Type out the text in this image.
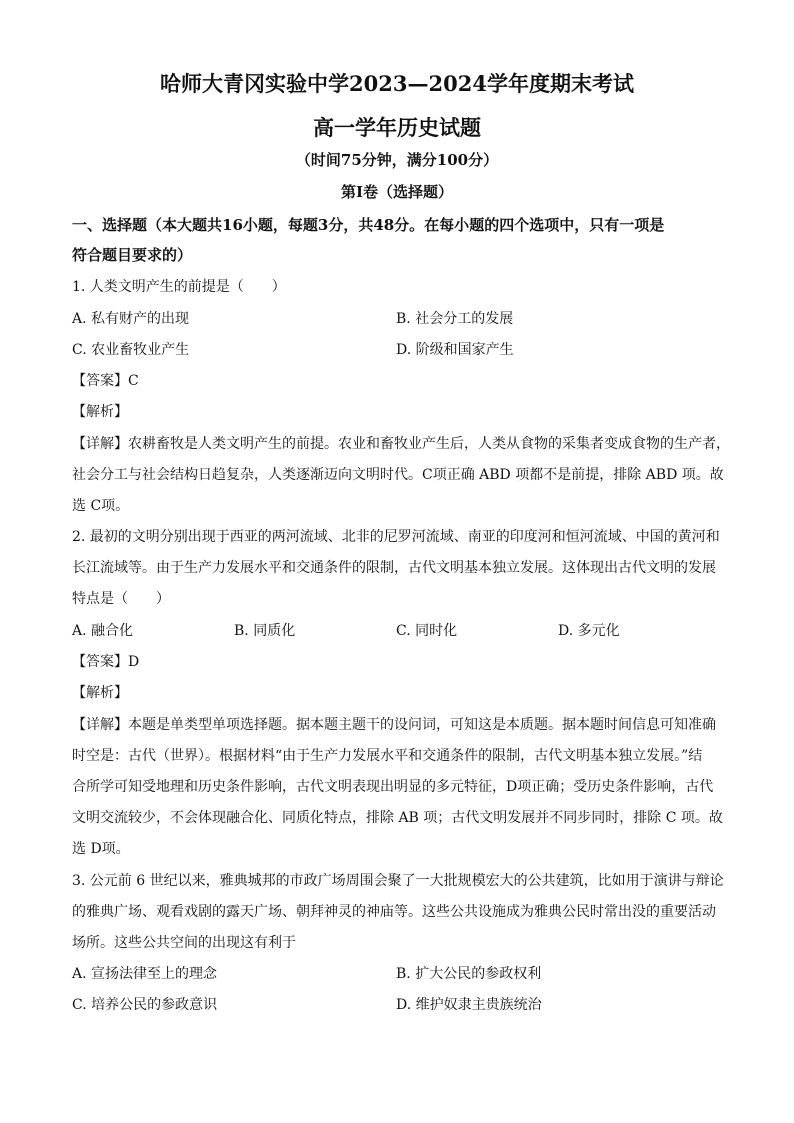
哈师大青冈实验中学2023—2024学年度期末考试
高一学年历史试题
（时间75分钟，满分100分）
第Ⅰ卷（选择题）
一、选择题（本大题共16小题，每题3分，共48分。在每小题的四个选项中，只有一项是
符合题目要求的）
1. 人类文明产生的前提是（　　）
A. 私有财产的出现	B. 社会分工的发展
C. 农业畜牧业产生	D. 阶级和国家产生
【答案】C
【解析】
【详解】农耕畜牧是人类文明产生的前提。农业和畜牧业产生后，人类从食物的采集者变成食物的生产者，
社会分工与社会结构日趋复杂，人类逐渐迈向文明时代。C项正确 ABD 项都不是前提，排除 ABD 项。故
选 C项。
2. 最初的文明分别出现于西亚的两河流域、北非的尼罗河流域、南亚的印度河和恒河流域、中国的黄河和
长江流域等。由于生产力发展水平和交通条件的限制，古代文明基本独立发展。这体现出古代文明的发展
特点是（　　）
A. 融合化	B. 同质化	C. 同时化	D. 多元化
【答案】D
【解析】
【详解】本题是单类型单项选择题。据本题主题干的设问词，可知这是本质题。据本题时间信息可知准确
时空是：古代（世界）。根据材料“由于生产力发展水平和交通条件的限制，古代文明基本独立发展。”结
合所学可知受地理和历史条件影响，古代文明表现出明显的多元特征，D项正确；受历史条件影响，古代
文明交流较少，不会体现融合化、同质化特点，排除 AB 项；古代文明发展并不同步同时，排除 C 项。故
选 D项。
3. 公元前 6 世纪以来，雅典城邦的市政广场周围会聚了一大批规模宏大的公共建筑，比如用于演讲与辩论
的雅典广场、观看戏剧的露天广场、朝拜神灵的神庙等。这些公共设施成为雅典公民时常出没的重要活动
场所。这些公共空间的出现这有利于
A. 宣扬法律至上的理念	B. 扩大公民的参政权利
C. 培养公民的参政意识	D. 维护奴隶主贵族统治
